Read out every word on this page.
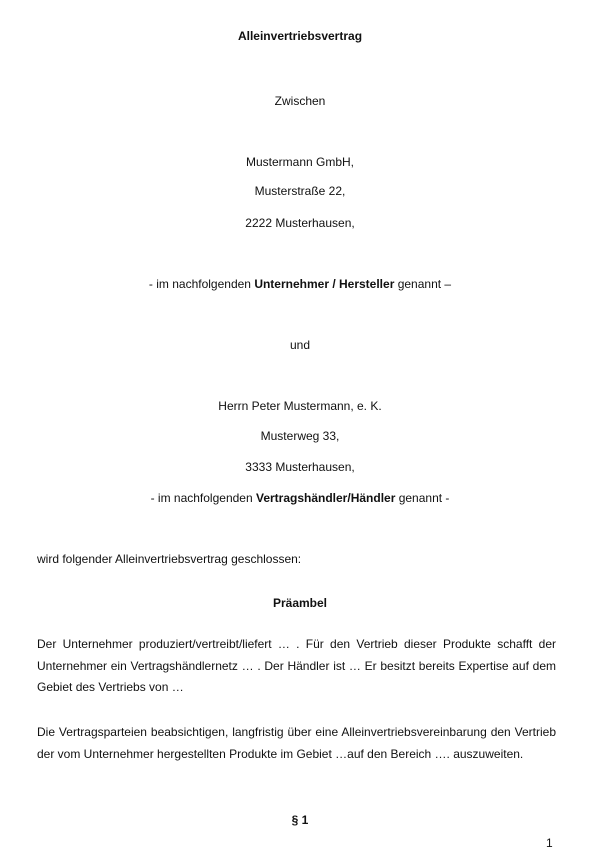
Alleinvertriebsvertrag
Zwischen
Mustermann GmbH,
Musterstraße 22,
2222 Musterhausen,
- im nachfolgenden Unternehmer / Hersteller genannt –
und
Herrn Peter Mustermann, e. K.
Musterweg 33,
3333 Musterhausen,
- im nachfolgenden Vertragshändler/Händler genannt -
wird folgender Alleinvertriebsvertrag geschlossen:
Präambel
Der Unternehmer produziert/vertreibt/liefert … . Für den Vertrieb dieser Produkte schafft der Unternehmer ein Vertragshändlernetz … . Der Händler ist … Er besitzt bereits Expertise auf dem Gebiet des Vertriebs von …
Die Vertragsparteien beabsichtigen, langfristig über eine Alleinvertriebsvereinbarung den Vertrieb der vom Unternehmer hergestellten Produkte im Gebiet …auf den Bereich …. auszuweiten.
§ 1
1
